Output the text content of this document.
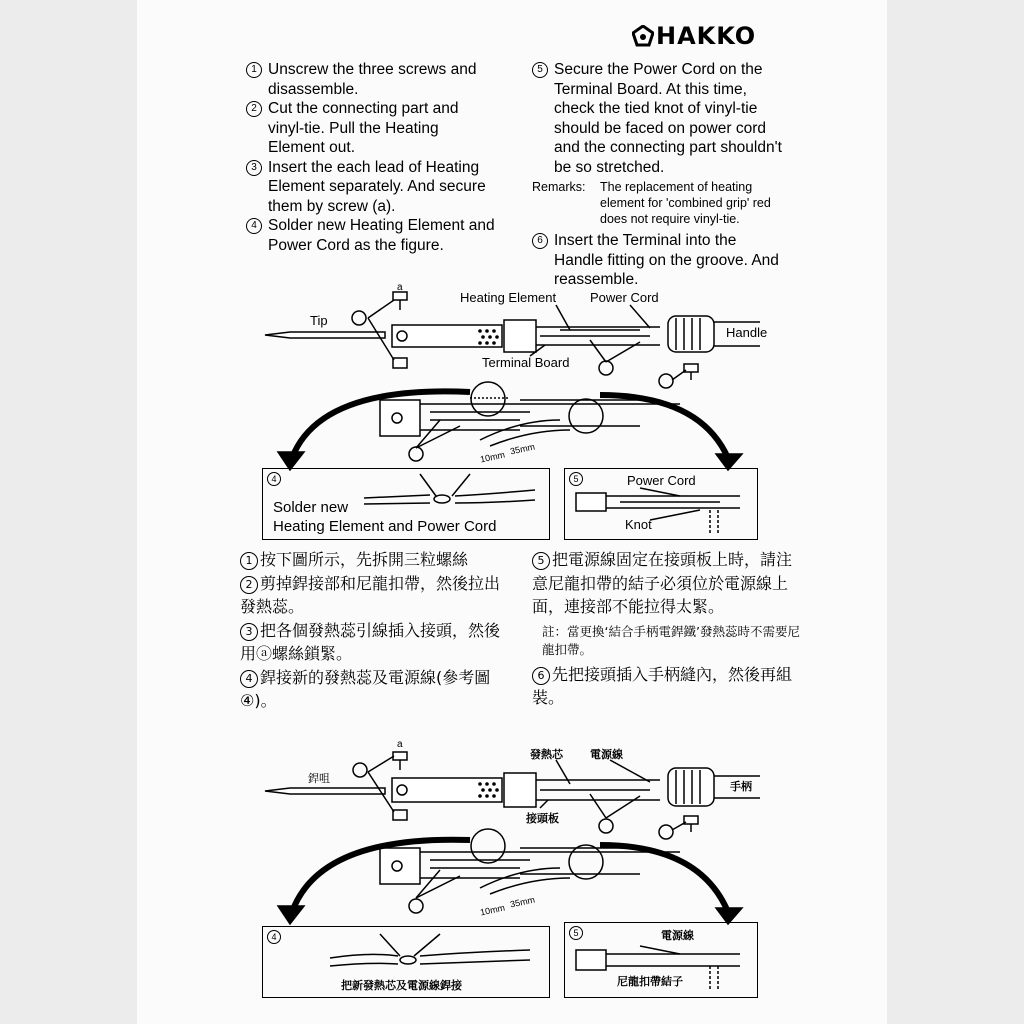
HAKKO
1 Unscrew the three screws and disassemble.
2 Cut the connecting part and vinyl-tie. Pull the Heating Element out.
3 Insert the each lead of Heating Element separately. And secure them by screw (a).
4 Solder new Heating Element and Power Cord as the figure.
5 Secure the Power Cord on the Terminal Board. At this time, check the tied knot of vinyl-tie should be faced on power cord and the connecting part shouldn't be so stretched.
Remarks: The replacement of heating element for 'combined grip' red does not require vinyl-tie.
6 Insert the Terminal into the Handle fitting on the groove. And reassemble.
Tip
a
Heating Element	Power Cord
Handle
Terminal Board
10mm
35mm
4
Solder new
Heating Element and Power Cord
5	Power Cord
Knot
1 按下圖所示，先拆開三粒螺絲
2 剪掉銲接部和尼龍扣帶，然後拉出發熱蕊。
3 把各個發熱蕊引線插入接頭，然後用ⓐ螺絲鎖緊。
4 銲接新的發熱蕊及電源線(參考圖④)。
5 把電源線固定在接頭板上時，請注意尼龍扣帶的結子必須位於電源線上面，連接部不能拉得太緊。
註：當更換‘結合手柄電銲鐵’發熱蕊時不需要尼龍扣帶。
6 先把接頭插入手柄縫內，然後再組裝。
銲咀
a
發熱芯 電源線
手柄
接頭板
10mm
35mm
4
把新發熱芯及電源線銲接
5	電源線
尼龍扣帶結子
